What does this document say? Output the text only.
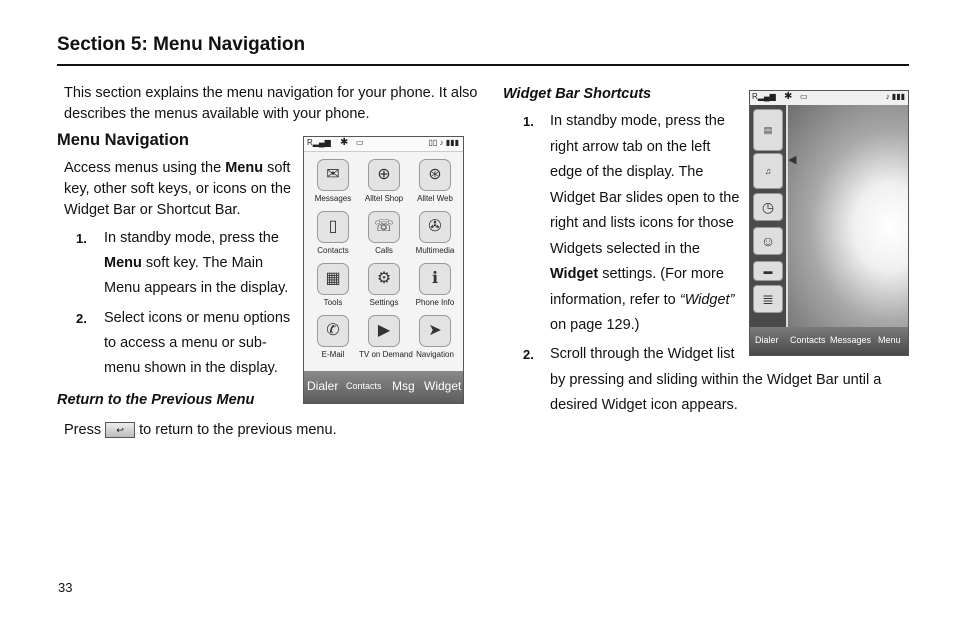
Section 5: Menu Navigation
This section explains the menu navigation for your phone. It also
describes the menus available with your phone.
Menu Navigation
Access menus using the Menu soft
key, other soft keys, or icons on the
Widget Bar or Shortcut Bar.
1. In standby mode, press the
Menu soft key. The Main
Menu appears in the display.
2. Select icons or menu options
to access a menu or sub-
menu shown in the display.
Return to the Previous Menu
Press ↩ to return to the previous menu.
R▂▄▆ ✱ ▭	▯▯ ♪ ▮▮▮
✉
Messages
⊕
Alltel Shop
⊛
Alltel Web
▯
Contacts
☏
Calls
✇
Multimedia
▦
Tools
⚙
Settings
ℹ
Phone Info
✆
E-Mail
▶
TV on Demand
➤
Navigation
Dialer Contacts Msg Widget
Widget Bar Shortcuts
1. In standby mode, press the
right arrow tab on the left
edge of the display. The
Widget Bar slides open to the
right and lists icons for those
Widgets selected in the
Widget settings. (For more
information, refer to “Widget”
on page 129.)
2. Scroll through the Widget list
by pressing and sliding within the Widget Bar until a
desired Widget icon appears.
R▂▄▆ ✱ ▭	♪ ▮▮▮
▤
♫
◷
☺
▬
≣
◀
Dialer Contacts Messages Menu
33
